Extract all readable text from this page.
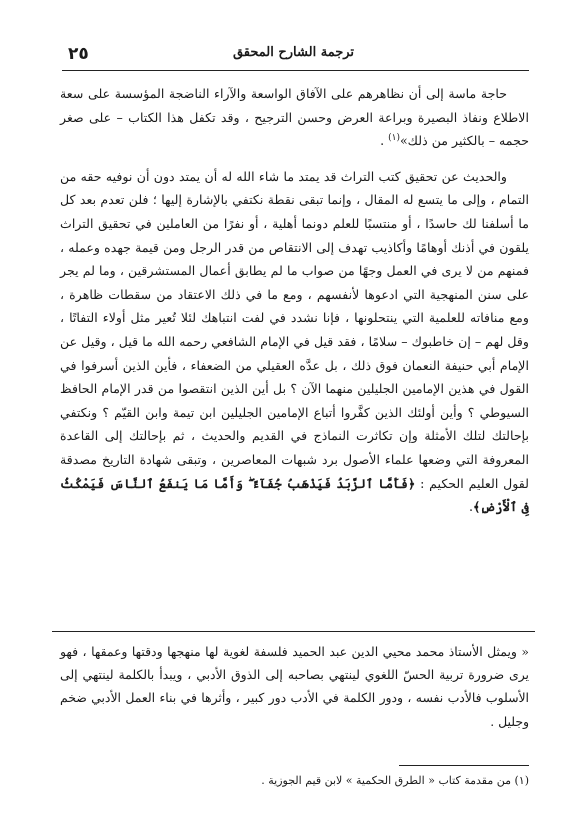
٢٥	ترجمة الشارح المحقق

حاجة ماسة إلى أن نظاهرهم على الآفاق الواسعة والآراء الناضجة المؤسسة على سعة الاطلاع ونفاذ البصيرة وبراعة العرض وحسن الترجيح ، وقد تكفل هذا الكتاب – على صغر حجمه – بالكثير من ذلك»$^{(١)}$ .

والحديث عن تحقيق كتب التراث قد يمتد ما شاء الله له أن يمتد دون أن نوفيه حقه من التمام ، وإلى ما يتسع له المقال ، وإنما تبقى نقطة نكتفي بالإشارة إليها ؛ فلن تعدم بعد كل ما أسلفنا لك حاسدًا ، أو منتسبًا للعلم دونما أهلية ، أو نفرًا من العاملين في تحقيق التراث يلقون في أذنك أوهامًا وأكاذيب تهدف إلى الانتقاص من قدر الرجل ومن قيمة جهده وعمله ، فمنهم من لا يرى في العمل وجهًا من صواب ما لم يطابق أعمال المستشرقين ، وما لم يجر على سنن المنهجية التي ادعوها لأنفسهم ، ومع ما في ذلك الاعتقاد من سقطات ظاهرة ، ومع منافاته للعلمية التي ينتحلونها ، فإنا نشدد في لفت انتباهك لئلا تُعير مثل أولاء التفاتًا ، وقل لهم – إن خاطبوك – سلامًا ، فقد قيل في الإمام الشافعي رحمه الله ما قيل ، وقيل عن الإمام أبي حنيفة النعمان فوق ذلك ، بل عدَّه العقيلي من الضعفاء ، فأين الذين أسرفوا في القول في هذين الإمامين الجليلين منهما الآن ؟ بل أين الذين انتقصوا من قدر الإمام الحافظ السيوطي ؟ وأين أولئك الذين كفَّروا أتباع الإمامين الجليلين ابن تيمة وابن القيّم ؟ ونكتفي بإحالتك لتلك الأمثلة وإن تكاثرت النماذج في القديم والحديث ، ثم بإحالتك إلى القاعدة المعروفة التي وضعها علماء الأصول برد شبهات المعاصرين ، وتبقى شهادة التاريخ مصدقة لقول العليم الحكيم : ﴿فَأَمَّا ٱلزَّبَدُ فَيَذْهَبُ جُفَآءً ۖ وَأَمَّا مَا يَنفَعُ ٱلنَّاسَ فَيَمْكُثُ فِى ٱلْأَرْضِ﴾.

« ويمثل الأستاذ محمد محيي الدين عبد الحميد فلسفة لغوية لها منهجها ودقتها وعمقها ، فهو يرى ضرورة تربية الحسّ اللغوي لينتهي بصاحبه إلى الذوق الأدبي ، ويبدأ بالكلمة لينتهي إلى الأسلوب فالأدب نفسه ، ودور الكلمة في الأدب دور كبير ، وأثرها في بناء العمل الأدبي ضخم وجليل .

(١) من مقدمة كتاب « الطرق الحكمية » لابن قيم الجوزية .
